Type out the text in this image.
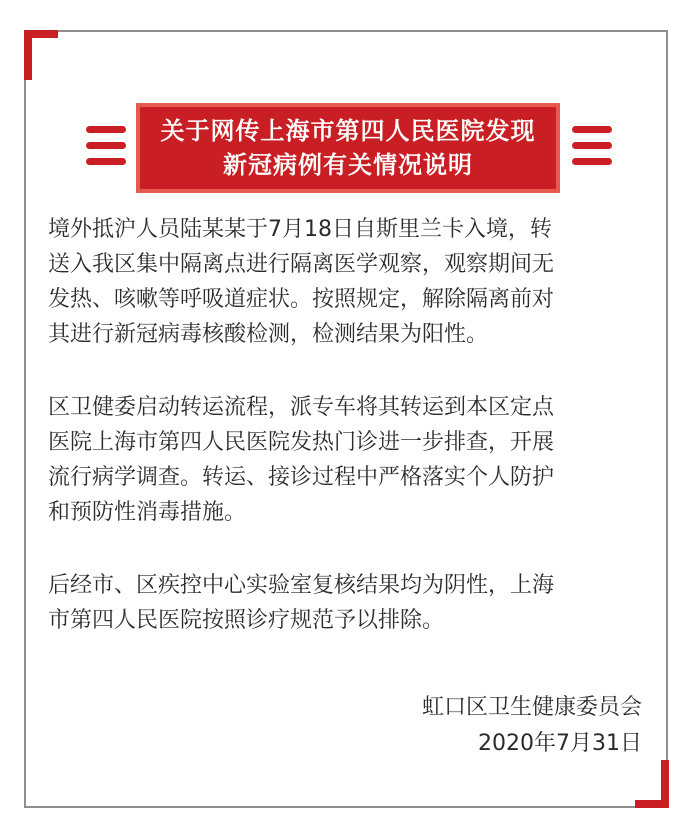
关于网传上海市第四人民医院发现
新冠病例有关情况说明

境外抵沪人员陆某某于7月18日自斯里兰卡入境，转
送入我区集中隔离点进行隔离医学观察，观察期间无
发热、咳嗽等呼吸道症状。按照规定，解除隔离前对
其进行新冠病毒核酸检测，检测结果为阳性。

区卫健委启动转运流程，派专车将其转运到本区定点
医院上海市第四人民医院发热门诊进一步排查，开展
流行病学调查。转运、接诊过程中严格落实个人防护
和预防性消毒措施。

后经市、区疾控中心实验室复核结果均为阴性，上海
市第四人民医院按照诊疗规范予以排除。

虹口区卫生健康委员会
2020年7月31日
